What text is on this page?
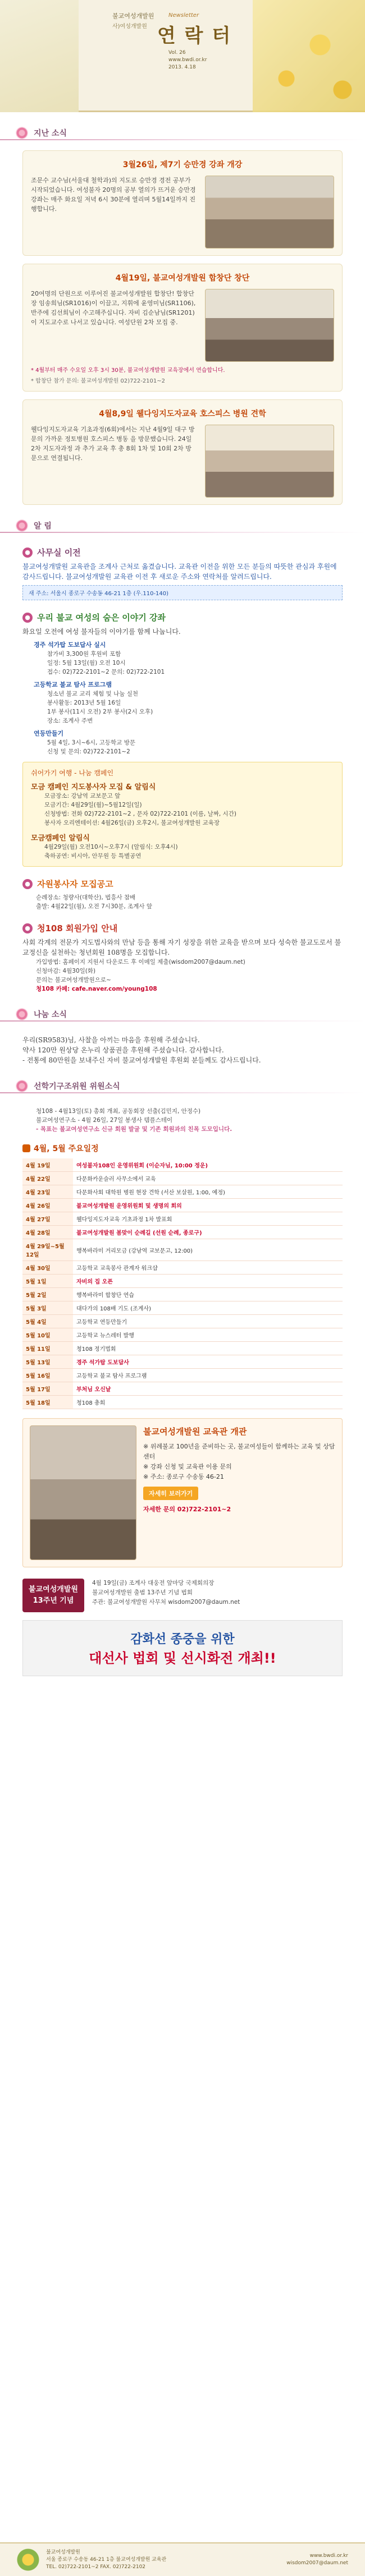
불교여성개발원
사)여성개발원
Newsletter
연 락 터
Vol. 26
www.bwdi.or.kr
2013. 4.18
지난 소식
3월26일, 제7기 승만경 강좌 개강
조문수 교수님(서울대 철학과)의 지도로 승만경 경전 공부가 시작되었습니다. 여성불자 20명의 공부 열의가 뜨거운 승만경 강좌는 매주 화요일 저녁 6시 30분에 열리며 5월14일까지 진행합니다.
4월19일, 불교여성개발원 합창단 창단
20여명의 단원으로 이루어진 불교여성개발원 합창단! 합창단장 임송희님(SR1016)이 이끌고, 지휘에 윤영미님(SR1106), 반주에 김선희님이 수고해주십니다. 자비 김순남님(SR1201)이 지도교수로 나서고 있습니다. 여성단원 2차 모집 중.
* 4월부터 매주 수요일 오후 3시 30분, 불교여성개발원 교육장에서 연습합니다.
* 합창단 참가 문의: 불교여성개발원 02)722-2101~2
4월8,9일 웰다잉지도자교육 호스피스 병원 견학
웰다잉지도자교육 기초과정(6회)에서는 지난 4월9일 대구 방문의 가까운 정토병원 호스피스 병동 을 방문했습니다. 24일 2차 지도자과정 과 추가 교육 후 총 8회 1차 및 10회 2차 방 문으로 연결됩니다.
알 림
● 사무실 이전
불교여성개발원 교육관을 조계사 근처로 옮겼습니다. 교육관 이전을 위한 모든 분들의 따뜻한 관심과 후원에 감사드립니다. 불교여성개발원 교육관 이전 후 새로운 주소와 연락처를 알려드립니다.
새 주소: 서울시 종로구 수송동 46-21 1층 (우.110-140)
● 우리 불교 여성의 숨은 이야기 강좌
화요일 오전에 여성 불자들의 이야기를 함께 나눕니다.
경주 석가탑 도보답사 실시
참가비 3,300원 후원비 포함
일정: 5월 13일(월) 오전 10시
접수: 02)722-2101~2 문의: 02)722-2101
고등학교 불교 탐사 프로그램
청소년 불교 교리 체험 및 나눔 실천
봉사활동: 2013년 5월 16일
1부 봉사(11시 오전) 2부 봉사(2시 오후)
장소: 조계사 주변
연등만들기
5월 4일, 3시~6시, 고등학교 방문
신청 및 문의: 02)722-2101~2
쉬어가기 여행 - 나눔 캠페인
모금 캠페인 지도봉사자 모집 & 알림식
모금장소: 강남역 교보문고 앞
모금기간: 4월29일(월)~5월12일(일)
신청방법: 전화 02)722-2101~2 , 문자 02)722-2101 (이름, 날짜, 시간)
봉사자 오리엔테이션: 4월26일(금) 오후2시, 불교여성개발원 교육장
모금캠페인 알림식
4월29일(월) 오전10시~오후7시 (알림식: 오후4시)
축하공연: 비시아, 안무원 등 특별공연
● 자원봉사자 모집공고
순례장소: 청량사(대학산), 법흥사 참배
출발: 4월22일(월), 오전 7시30분, 조계사 앞
● 청108 회원가입 안내
사회 각계의 전문가 지도법사와의 만남 등을 통해 자기 성장을 위한 교육을 받으며 보다 성숙한 불교도로서 불교정신을 실천하는 청년회원 108명을 모집합니다.
가입방법: 홈페이지 지원서 다운로드 후 이메일 제출(wisdom2007@daum.net)
신청마감: 4월30일(화)
문의는 불교여성개발원으로~
청108 카페: cafe.naver.com/young108
나눔 소식
우리(SR9583)님, 사찰을 아끼는 마음을 후원해 주셨습니다.
약사 120만 원상당 온누리 상품권을 후원해 주셨습니다. 감사합니다.
- 전통에 80만원을 보내주신 자비 불교여성개발원 후원회 분들께도 감사드립니다.
선학기구조위원 위원소식
청108 - 4월13일(토) 총회 개최, 공동회장 선출(김민지, 안정수)
불교여성연구소 - 4월 26일, 27일 봉생사 템플스테이
- 목표는 불교여성연구소 신규 회원 발굴 및 기존 회원과의 친목 도모입니다.
4월, 5월 주요일정
4월 19일	여성불자108인 운영위원회 (이순자님, 10:00 정운)
4월 22일	다문화카운슬러 사무소에서 교육
4월 23일	다문화사회 대학원 병원 현장 견학 (서산 보살원, 1:00, 예정)
4월 26일	불교여성개발원 운영위원회 및 생명의 회의
4월 27일	웰다잉지도자교육 기초과정 1차 발표회
4월 28일	불교여성개발원 봄맞이 순례길 (선원 순례, 종로구)
4월 29일~5월12일	행복바라미 거리모금 (강남역 교보문고, 12:00)
4월 30일	고등학교 교육봉사 관계자 워크샵
5월 1일	자비의 집 오픈
5월 2일	행복바라미 합창단 연습
5월 3일	대다가의 108배 기도 (조계사)
5월 4일	고등학교 연등만들기
5월 10일	고등학교 뉴스레터 발행
5월 11일	청108 정기법회
5월 13일	경주 석가탑 도보답사
5월 16일	고등학교 불교 탐사 프로그램
5월 17일	부처님 오신날
5월 18일	청108 총회
불교여성개발원 교육관 개관
※ 위례불교 100년을 준비하는 곳, 불교여성들이 함께하는 교육 및 상담센터
※ 강좌 신청 및 교육관 이용 문의
※ 주소: 종로구 수송동 46-21
자세히 보러가기
자세한 문의 02)722-2101~2
불교여성개발원 13주년 기념
4월 19일(금) 조계사 대웅전 앞마당 국제회의장
불교여성개발원 출범 13주년 기념 법회
주관: 불교여성개발원 사무처 wisdom2007@daum.net
감화선 종중을 위한
대선사 법회 및 선시화전 개최!!
불교여성개발원
서울 종로구 수송동 46-21 1층 불교여성개발원 교육관
TEL. 02)722-2101~2 FAX. 02)722-2102
www.bwdi.or.kr
wisdom2007@daum.net
